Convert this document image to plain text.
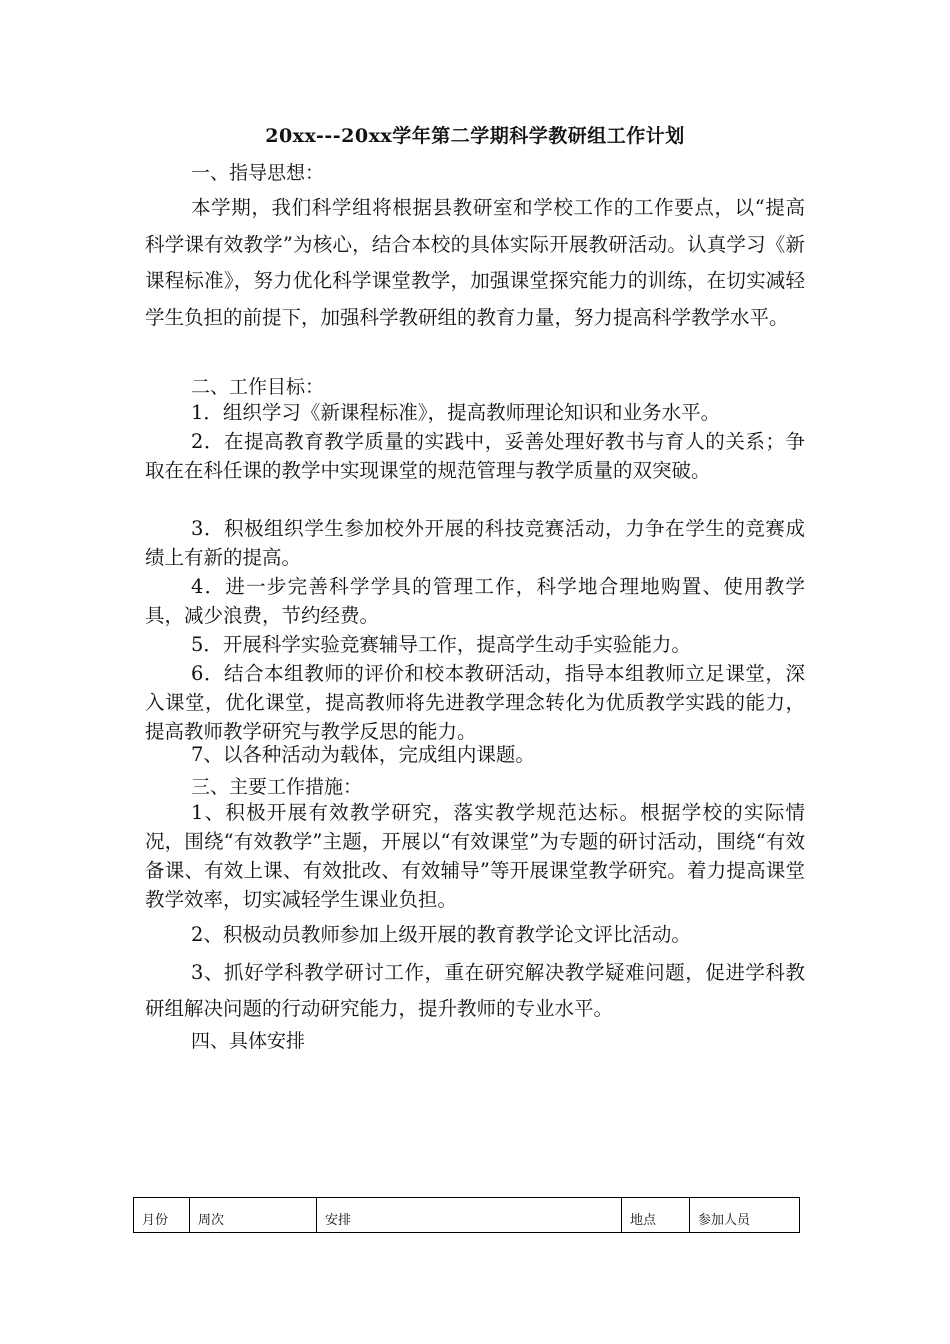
20xx---20xx学年第二学期科学教研组工作计划
一、指导思想：
本学期，我们科学组将根据县教研室和学校工作的工作要点，以“提高科学课有效教学”为核心，结合本校的具体实际开展教研活动。认真学习《新课程标准》，努力优化科学课堂教学，加强课堂探究能力的训练，在切实减轻学生负担的前提下，加强科学教研组的教育力量，努力提高科学教学水平。
二、工作目标：
1．组织学习《新课程标准》，提高教师理论知识和业务水平。
2．在提高教育教学质量的实践中，妥善处理好教书与育人的关系；争取在在科任课的教学中实现课堂的规范管理与教学质量的双突破。
3．积极组织学生参加校外开展的科技竞赛活动，力争在学生的竞赛成绩上有新的提高。
4．进一步完善科学学具的管理工作，科学地合理地购置、使用教学具，减少浪费，节约经费。
5．开展科学实验竞赛辅导工作，提高学生动手实验能力。
6．结合本组教师的评价和校本教研活动，指导本组教师立足课堂，深入课堂，优化课堂，提高教师将先进教学理念转化为优质教学实践的能力，提高教师教学研究与教学反思的能力。
7、以各种活动为载体，完成组内课题。
三、主要工作措施：
1、积极开展有效教学研究，落实教学规范达标。根据学校的实际情况，围绕“有效教学”主题，开展以“有效课堂”为专题的研讨活动，围绕“有效备课、有效上课、有效批改、有效辅导”等开展课堂教学研究。着力提高课堂教学效率，切实减轻学生课业负担。
2、积极动员教师参加上级开展的教育教学论文评比活动。
3、抓好学科教学研讨工作，重在研究解决教学疑难问题，促进学科教研组解决问题的行动研究能力，提升教师的专业水平。
四、具体安排
月份	周次	安排	地点	参加人员
